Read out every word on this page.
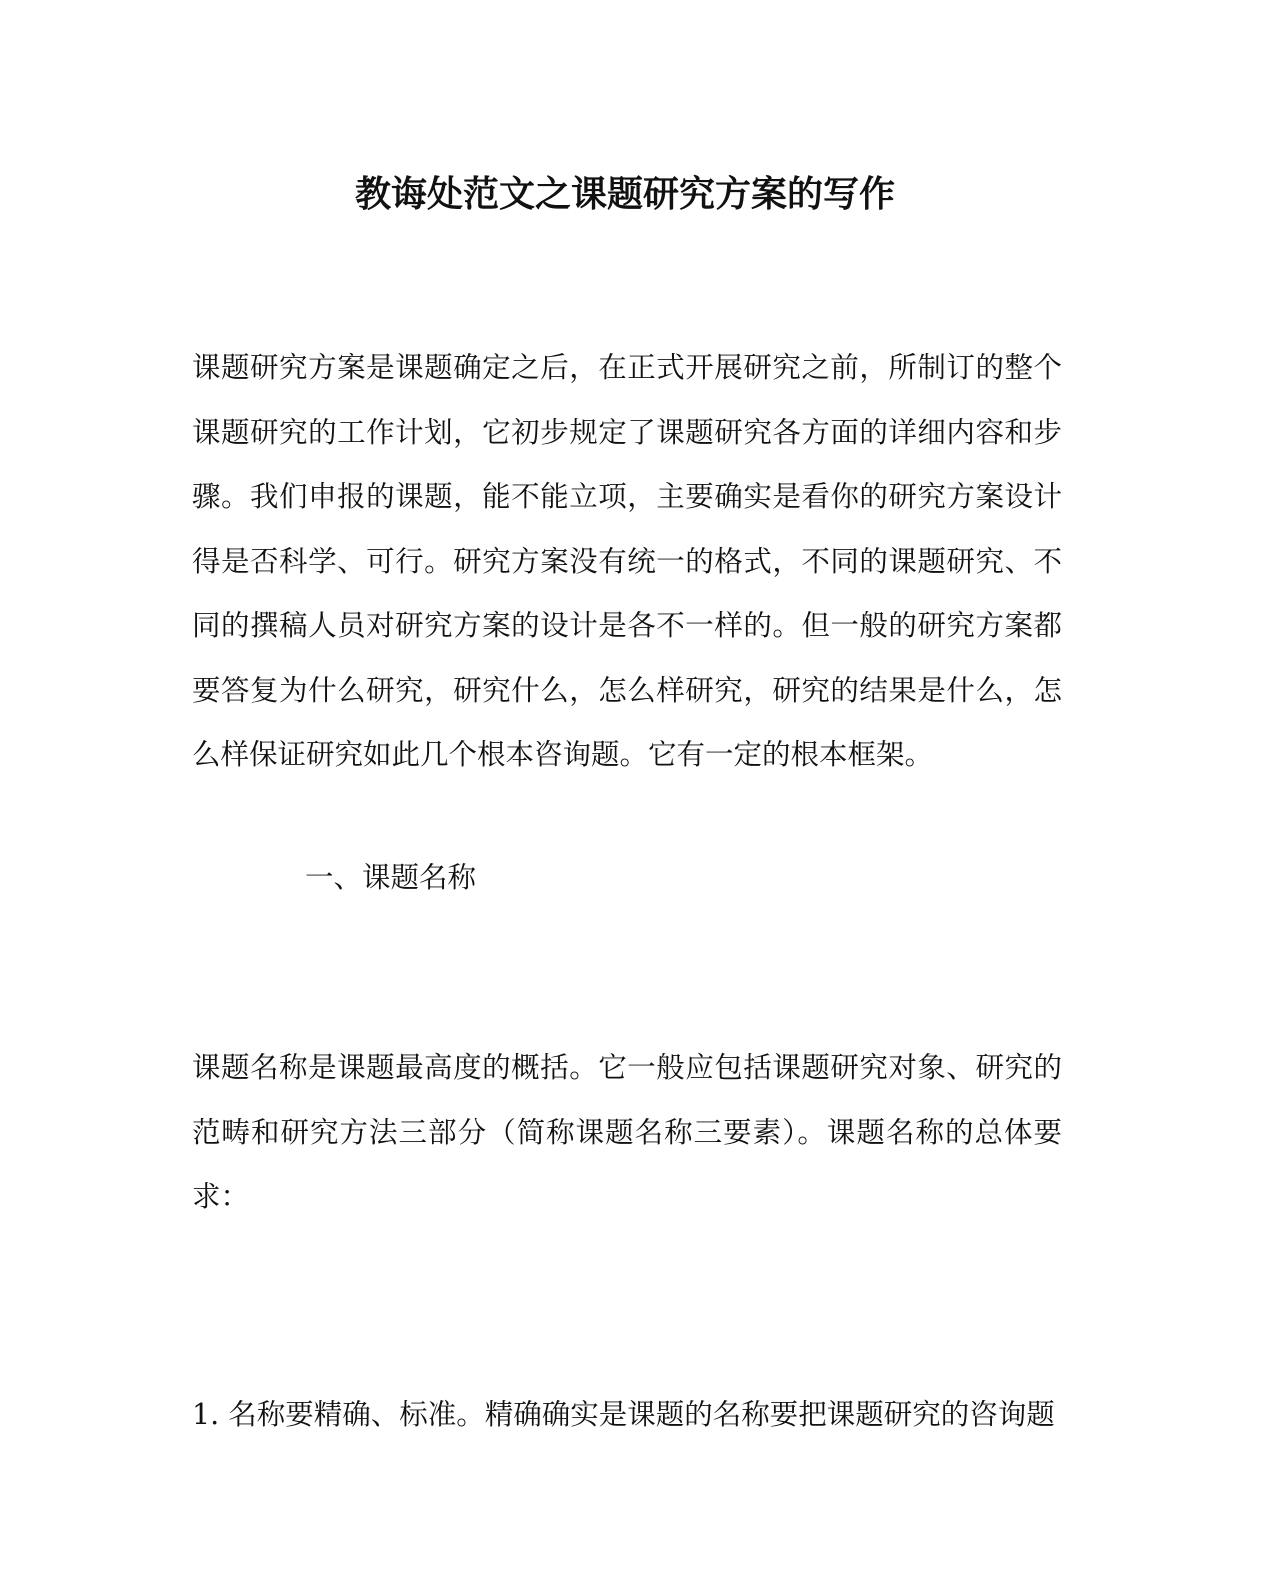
教诲处范文之课题研究方案的写作
课题研究方案是课题确定之后，在正式开展研究之前，所制订的整个课题研究的工作计划，它初步规定了课题研究各方面的详细内容和步骤。我们申报的课题，能不能立项，主要确实是看你的研究方案设计得是否科学、可行。研究方案没有统一的格式，不同的课题研究、不同的撰稿人员对研究方案的设计是各不一样的。但一般的研究方案都要答复为什么研究，研究什么，怎么样研究，研究的结果是什么，怎么样保证研究如此几个根本咨询题。它有一定的根本框架。
一、课题名称
课题名称是课题最高度的概括。它一般应包括课题研究对象、研究的范畴和研究方法三部分（简称课题名称三要素）。课题名称的总体要求：
1. 名称要精确、标准。精确确实是课题的名称要把课题研究的咨询题
